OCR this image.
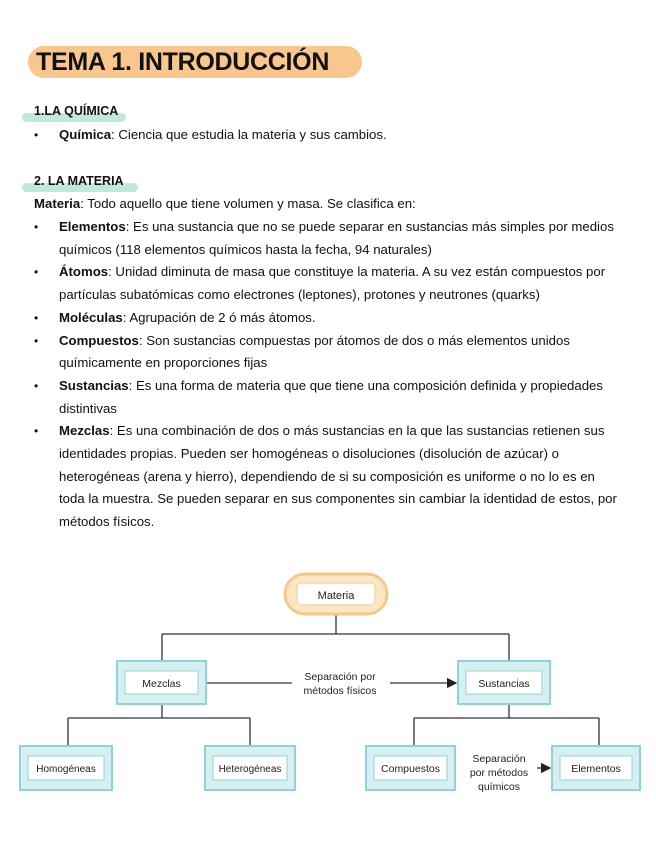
TEMA 1. INTRODUCCIÓN
1.LA QUÍMICA
• Química: Ciencia que estudia la materia y sus cambios.
2. LA MATERIA
Materia: Todo aquello que tiene volumen y masa. Se clasifica en:
• Elementos: Es una sustancia que no se puede separar en sustancias más simples por medios químicos (118 elementos químicos hasta la fecha, 94 naturales)
• Átomos: Unidad diminuta de masa que constituye la materia. A su vez están compuestos por partículas subatómicas como electrones (leptones), protones y neutrones (quarks)
• Moléculas: Agrupación de 2 ó más átomos.
• Compuestos: Son sustancias compuestas por átomos de dos o más elementos unidos químicamente en proporciones fijas
• Sustancias: Es una forma de materia que que tiene una composición definida y propiedades distintivas
• Mezclas: Es una combinación de dos o más sustancias en la que las sustancias retienen sus identidades propias. Pueden ser homogéneas o disoluciones (disolución de azúcar) o heterogéneas (arena y hierro), dependiendo de si su composición es uniforme o no lo es en toda la muestra. Se pueden separar en sus componentes sin cambiar la identidad de estos, por métodos físicos.
Materia
Mezclas	Sustancias
Homogéneas	Heterogéneas	Compuestos	Elementos
Separación por
métodos físicos
Separación
por métodos
químicos
